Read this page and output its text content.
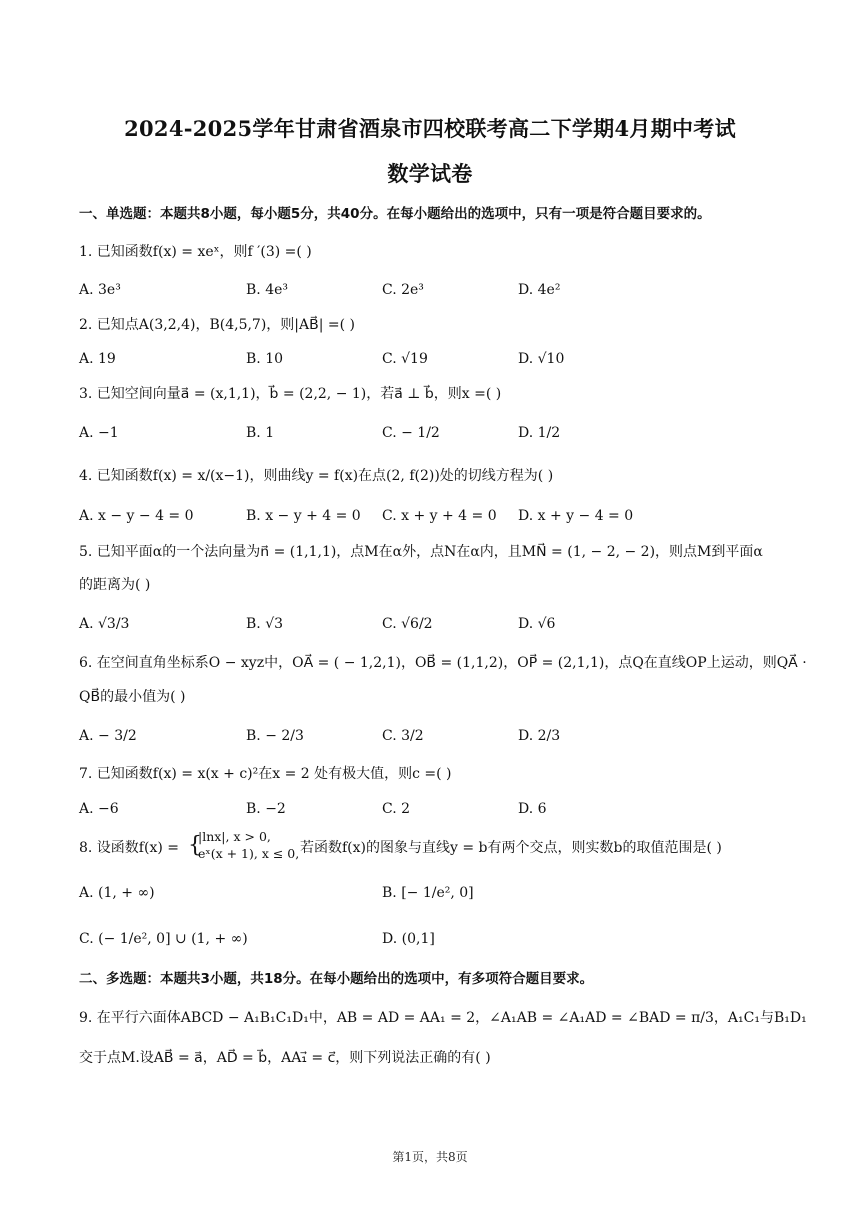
2024-2025学年甘肃省酒泉市四校联考高二下学期4月期中考试
数学试卷
一、单选题：本题共8小题，每小题5分，共40分。在每小题给出的选项中，只有一项是符合题目要求的。
1. 已知函数f(x) = xeˣ，则f ′(3) =( )
A. 3e³	B. 4e³	C. 2e³	D. 4e²
2. 已知点A(3,2,4)，B(4,5,7)，则|AB⃗| =( )
A. 19	B. 10	C. √19	D. √10
3. 已知空间向量a⃗ = (x,1,1)，b⃗ = (2,2, − 1)，若a⃗ ⊥ b⃗，则x =( )
A. −1	B. 1	C. − 1/2	D. 1/2
4. 已知函数f(x) = x/(x−1)，则曲线y = f(x)在点(2, f(2))处的切线方程为( )
A. x − y − 4 = 0	B. x − y + 4 = 0 C. x + y + 4 = 0 D. x + y − 4 = 0
5. 已知平面α的一个法向量为n⃗ = (1,1,1)，点M在α外，点N在α内，且MN⃗ = (1, − 2, − 2)，则点M到平面α
的距离为( )
A. √3/3	B. √3	C. √6/2	D. √6
6. 在空间直角坐标系O − xyz中，OA⃗ = ( − 1,2,1)，OB⃗ = (1,1,2)，OP⃗ = (2,1,1)，点Q在直线OP上运动，则QA⃗ ·
QB⃗的最小值为( )
A. − 3/2	B. − 2/3	C. 3/2	D. 2/3
7. 已知函数f(x) = x(x + c)²在x = 2 处有极大值，则c =( )
A. −6	B. −2	C. 2	D. 6
8. 设函数f(x) = {
|lnx|, x > 0,
eˣ(x + 1), x ≤ 0, 若函数f(x)的图象与直线y = b有两个交点，则实数b的取值范围是( )
A. (1, + ∞)	B. [− 1/e², 0]
C. (− 1/e², 0] ∪ (1, + ∞)	D. (0,1]
二、多选题：本题共3小题，共18分。在每小题给出的选项中，有多项符合题目要求。
9. 在平行六面体ABCD − A₁B₁C₁D₁中，AB = AD = AA₁ = 2，∠A₁AB = ∠A₁AD = ∠BAD = π/3，A₁C₁与B₁D₁
交于点M.设AB⃗ = a⃗，AD⃗ = b⃗，AA₁⃗ = c⃗，则下列说法正确的有( )
第1页，共8页
